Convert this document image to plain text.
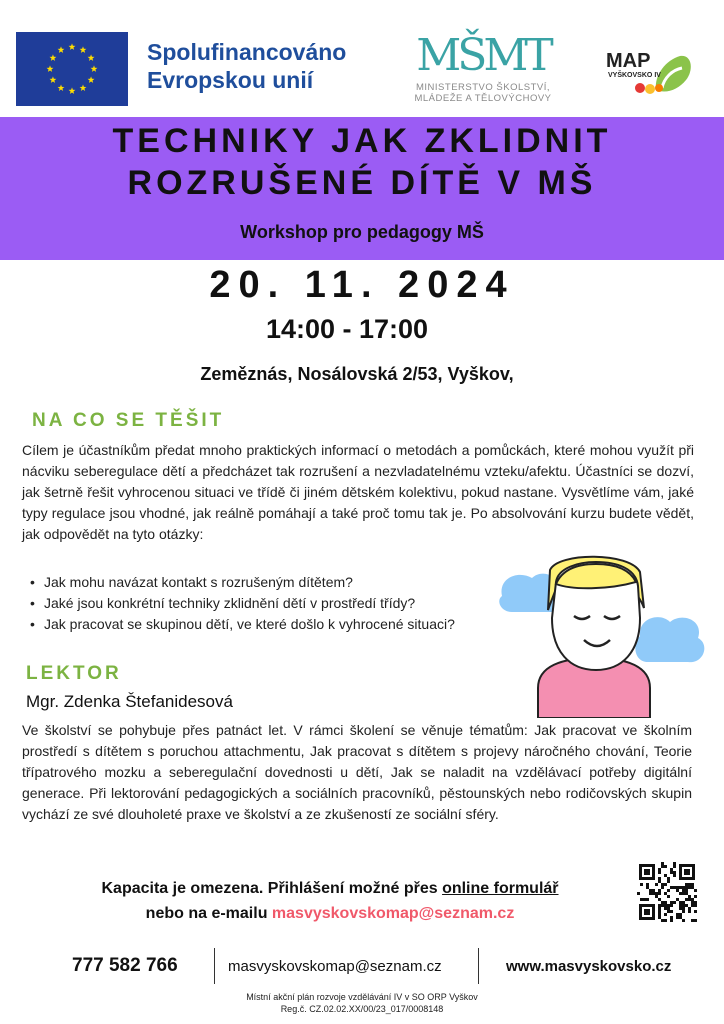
Spolufinancováno
Evropskou unií	MŠMT
MINISTERSTVO ŠKOLSTVÍ,
MLÁDEŽE A TĚLOVÝCHOVY
MAP
VYŠKOVSKO IV
TECHNIKY JAK ZKLIDNIT
ROZRUŠENÉ DÍTĚ V MŠ
Workshop pro pedagogy MŠ
20. 11. 2024
14:00 - 17:00
Zeměznás, Nosálovská 2/53, Vyškov,
NA CO SE TĚŠIT
Cílem je účastníkům předat mnoho praktických informací o metodách a pomůckách, které mohou využít při nácviku seberegulace dětí a předcházet tak rozrušení a nezvladatelnému vzteku/afektu. Účastníci se dozví, jak šetrně řešit vyhrocenou situaci ve třídě či jiném dětském kolektivu, pokud nastane. Vysvětlíme vám, jaké typy regulace jsou vhodné, jak reálně pomáhají a také proč tomu tak je. Po absolvování kurzu budete vědět, jak odpovědět na tyto otázky:
• Jak mohu navázat kontakt s rozrušeným dítětem?
• Jaké jsou konkrétní techniky zklidnění dětí v prostředí třídy?
• Jak pracovat se skupinou dětí, ve které došlo k vyhrocené situaci?
LEKTOR
Mgr. Zdenka Štefanidesová
Ve školství se pohybuje přes patnáct let. V rámci školení se věnuje tématům: Jak pracovat ve školním prostředí s dítětem s poruchou attachmentu, Jak pracovat s dítětem s projevy náročného chování, Teorie třípatrového mozku a seberegulační dovednosti u dětí, Jak se naladit na vzdělávací potřeby digitální generace. Při lektorování pedagogických a sociálních pracovníků, pěstounských nebo rodičovských skupin vychází ze své dlouholeté praxe ve školství a ze zkušeností ze sociální sféry.
Kapacita je omezena. Přihlášení možné přes online formulář
nebo na e-mailu masvyskovskomap@seznam.cz
777 582 766	masvyskovskomap@seznam.cz	www.masvyskovsko.cz
Místní akční plán rozvoje vzdělávání IV v SO ORP Vyškov
Reg.č. CZ.02.02.XX/00/23_017/0008148
